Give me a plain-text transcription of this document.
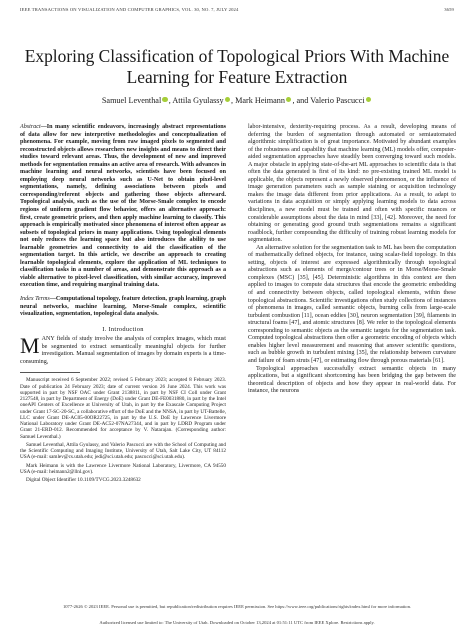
IEEE TRANSACTIONS ON VISUALIZATION AND COMPUTER GRAPHICS, VOL. 30, NO. 7, JULY 2024	3659
Exploring Classification of Topological Priors With Machine Learning for Feature Extraction
Samuel Leventhal , Attila Gyulassy , Mark Heimann , and Valerio Pascucci

Abstract—In many scientific endeavors, increasingly abstract representations of data allow for new interpretive methodologies and conceptualization of phenomena. For example, moving from raw imaged pixels to segmented and reconstructed objects allows researchers new insights and means to direct their studies toward relevant areas. Thus, the development of new and improved methods for segmentation remains an active area of research. With advances in machine learning and neural networks, scientists have been focused on employing deep neural networks such as U-Net to obtain pixel-level segmentations, namely, defining associations between pixels and corresponding/referent objects and gathering those objects afterward. Topological analysis, such as the use of the Morse-Smale complex to encode regions of uniform gradient flow behavior, offers an alternative approach: first, create geometric priors, and then apply machine learning to classify. This approach is empirically motivated since phenomena of interest often appear as subsets of topological priors in many applications. Using topological elements not only reduces the learning space but also introduces the ability to use learnable geometries and connectivity to aid the classification of the segmentation target. In this article, we describe an approach to creating learnable topological elements, explore the application of ML techniques to classification tasks in a number of areas, and demonstrate this approach as a viable alternative to pixel-level classification, with similar accuracy, improved execution time, and requiring marginal training data.

Index Terms—Computational topology, feature detection, graph learning, graph neural networks, machine learning, Morse-Smale complex, scientific visualization, segmentation, topological data analysis.

I. Introduction

MANY fields of study involve the analysis of complex images, which must be segmented to extract semantically meaningful objects for further investigation. Manual segmentation of images by domain experts is a time-consuming,

Manuscript received 6 September 2022; revised 5 February 2023; accepted 8 February 2023. Date of publication 24 February 2023; date of current version 26 June 2024. This work was supported in part by NSF OAC under Grant 2138811, in part by NSF CI Coll under Grant 2127548, in part by Department of Energy (DoE) under Grant DE-FE0031880, in part by the Intel oneAPI Centers of Excellence at University of Utah, in part by the Exascale Computing Project under Grant 17-SC-20-SC, a collaborative effort of the DoE and the NNSA, in part by UT-Battelle, LLC under Grant DE-AC05-00OR22725, in part by the U.S. DoE by Lawrence Livermore National Laboratory under Grant DE-AC52-07NA27344, and in part by LDRD Program under Grant 21-ERD-012. Recommended for acceptance by V. Natarajan. (Corresponding author: Samuel Leventhal.)

Samuel Leventhal, Attila Gyulassy, and Valerio Pascucci are with the School of Computing and the Scientific Computing and Imaging Institute, University of Utah, Salt Lake City, UT 84112 USA (e-mail: samlev@cs.utah.edu; jedi@sci.utah.edu; pascucci@sci.utah.edu).

Mark Heimann is with the Lawrence Livermore National Laboratory, Livermore, CA 94550 USA (e-mail: heimann2@llnl.gov).

Digital Object Identifier 10.1109/TVCG.2023.3248632

labor-intensive, dexterity-requiring process. As a result, developing means of deferring the burden of segmentation through automated or semiautomated algorithmic simplification is of great importance. Motivated by abundant examples of the robustness and capability that machine learning (ML) models offer, computer-aided segmentation approaches have steadily been converging toward such models. A major obstacle in applying state-of-the-art ML approaches to scientific data is that often the data generated is first of its kind: no pre-existing trained ML model is applicable, the objects represent a newly observed phenomenon, or the influence of image generation parameters such as sample staining or acquisition technology makes the image data different from prior applications. As a result, to adapt to variations in data acquisition or simply applying learning models to data across disciplines, a new model must be trained and often with specific nuances or considerable assumptions about the data in mind [33], [42]. Moreover, the need for obtaining or generating good ground truth segmentations remains a significant roadblock, further compounding the difficulty of training robust learning models for segmentation.

An alternative solution for the segmentation task to ML has been the computation of mathematically defined objects, for instance, using scalar-field topology. In this setting, objects of interest are expressed algorithmically through topological abstractions such as elements of merge/contour trees or in Morse/Morse-Smale complexes (MSC) [35], [45]. Deterministic algorithms in this context are then applied to images to compute data structures that encode the geometric embedding of and connectivity between objects, called topological elements, within these topological abstractions. Scientific investigations often study collections of instances of phenomena in images, called semantic objects, burning cells from large-scale turbulent combustion [11], ocean eddies [30], neuron segmentation [39], filaments in structural foams [47], and atomic structures [8]. We refer to the topological elements corresponding to semantic objects as the semantic targets for the segmentation task. Computed topological abstractions then offer a geometric encoding of objects which enables higher level measurement and reasoning that answer scientific questions, such as bubble growth in turbulent mixing [35], the relationship between curvature and failure of foam struts [47], or estimating flow through porous materials [61].

Topological approaches successfully extract semantic objects in many applications, but a significant shortcoming has been bridging the gap between the theoretical description of objects and how they appear in real-world data. For instance, the neurons

1077-2626 © 2023 IEEE. Personal use is permitted, but republication/redistribution requires IEEE permission. See https://www.ieee.org/publications/rights/index.html for more information.
Authorized licensed use limited to: The University of Utah. Downloaded on October 13,2024 at 01:51:11 UTC from IEEE Xplore. Restrictions apply.
